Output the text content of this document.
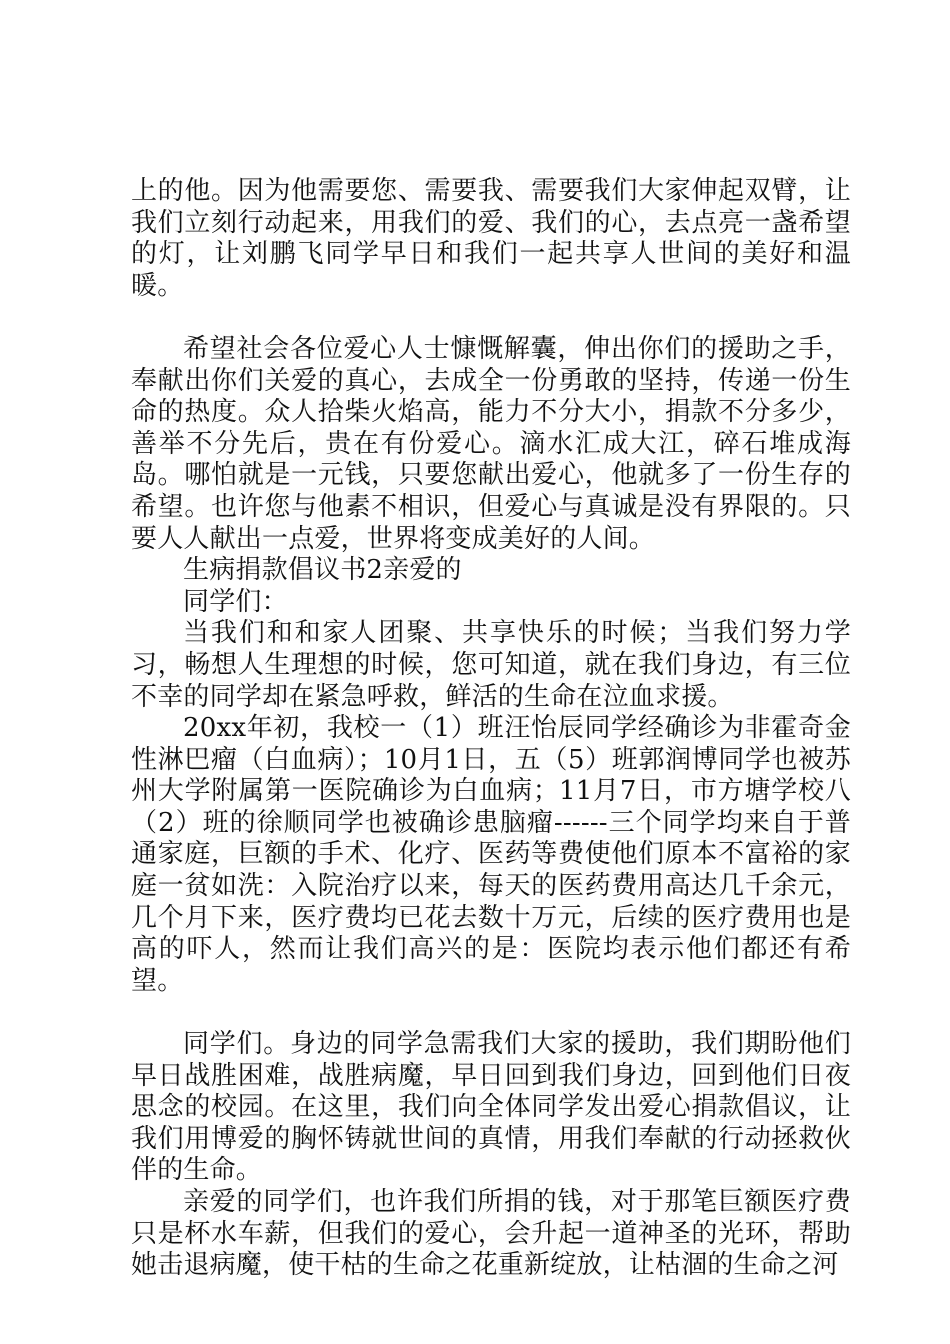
上的他。因为他需要您、需要我、需要我们大家伸起双臂，让我们立刻行动起来，用我们的爱、我们的心，去点亮一盏希望的灯，让刘鹏飞同学早日和我们一起共享人世间的美好和温暖。

希望社会各位爱心人士慷慨解囊，伸出你们的援助之手，奉献出你们关爱的真心，去成全一份勇敢的坚持，传递一份生命的热度。众人拾柴火焰高，能力不分大小，捐款不分多少，善举不分先后，贵在有份爱心。滴水汇成大江，碎石堆成海岛。哪怕就是一元钱，只要您献出爱心，他就多了一份生存的希望。也许您与他素不相识，但爱心与真诚是没有界限的。只要人人献出一点爱，世界将变成美好的人间。

生病捐款倡议书2亲爱的

同学们：

当我们和和家人团聚、共享快乐的时候；当我们努力学习，畅想人生理想的时候，您可知道，就在我们身边，有三位不幸的同学却在紧急呼救，鲜活的生命在泣血求援。

20xx年初，我校一（1）班汪怡辰同学经确诊为非霍奇金性淋巴瘤（白血病）；10月1日，五（5）班郭润博同学也被苏州大学附属第一医院确诊为白血病；11月7日，市方塘学校八（2）班的徐顺同学也被确诊患脑瘤------三个同学均来自于普通家庭，巨额的手术、化疗、医药等费使他们原本不富裕的家庭一贫如洗：入院治疗以来，每天的医药费用高达几千余元，几个月下来，医疗费均已花去数十万元，后续的医疗费用也是高的吓人，然而让我们高兴的是：医院均表示他们都还有希望。

同学们。身边的同学急需我们大家的援助，我们期盼他们早日战胜困难，战胜病魔，早日回到我们身边，回到他们日夜思念的校园。在这里，我们向全体同学发出爱心捐款倡议，让我们用博爱的胸怀铸就世间的真情，用我们奉献的行动拯救伙伴的生命。

亲爱的同学们，也许我们所捐的钱，对于那笔巨额医疗费只是杯水车薪，但我们的爱心，会升起一道神圣的光环，帮助她击退病魔，使干枯的生命之花重新绽放，让枯涸的生命之河
